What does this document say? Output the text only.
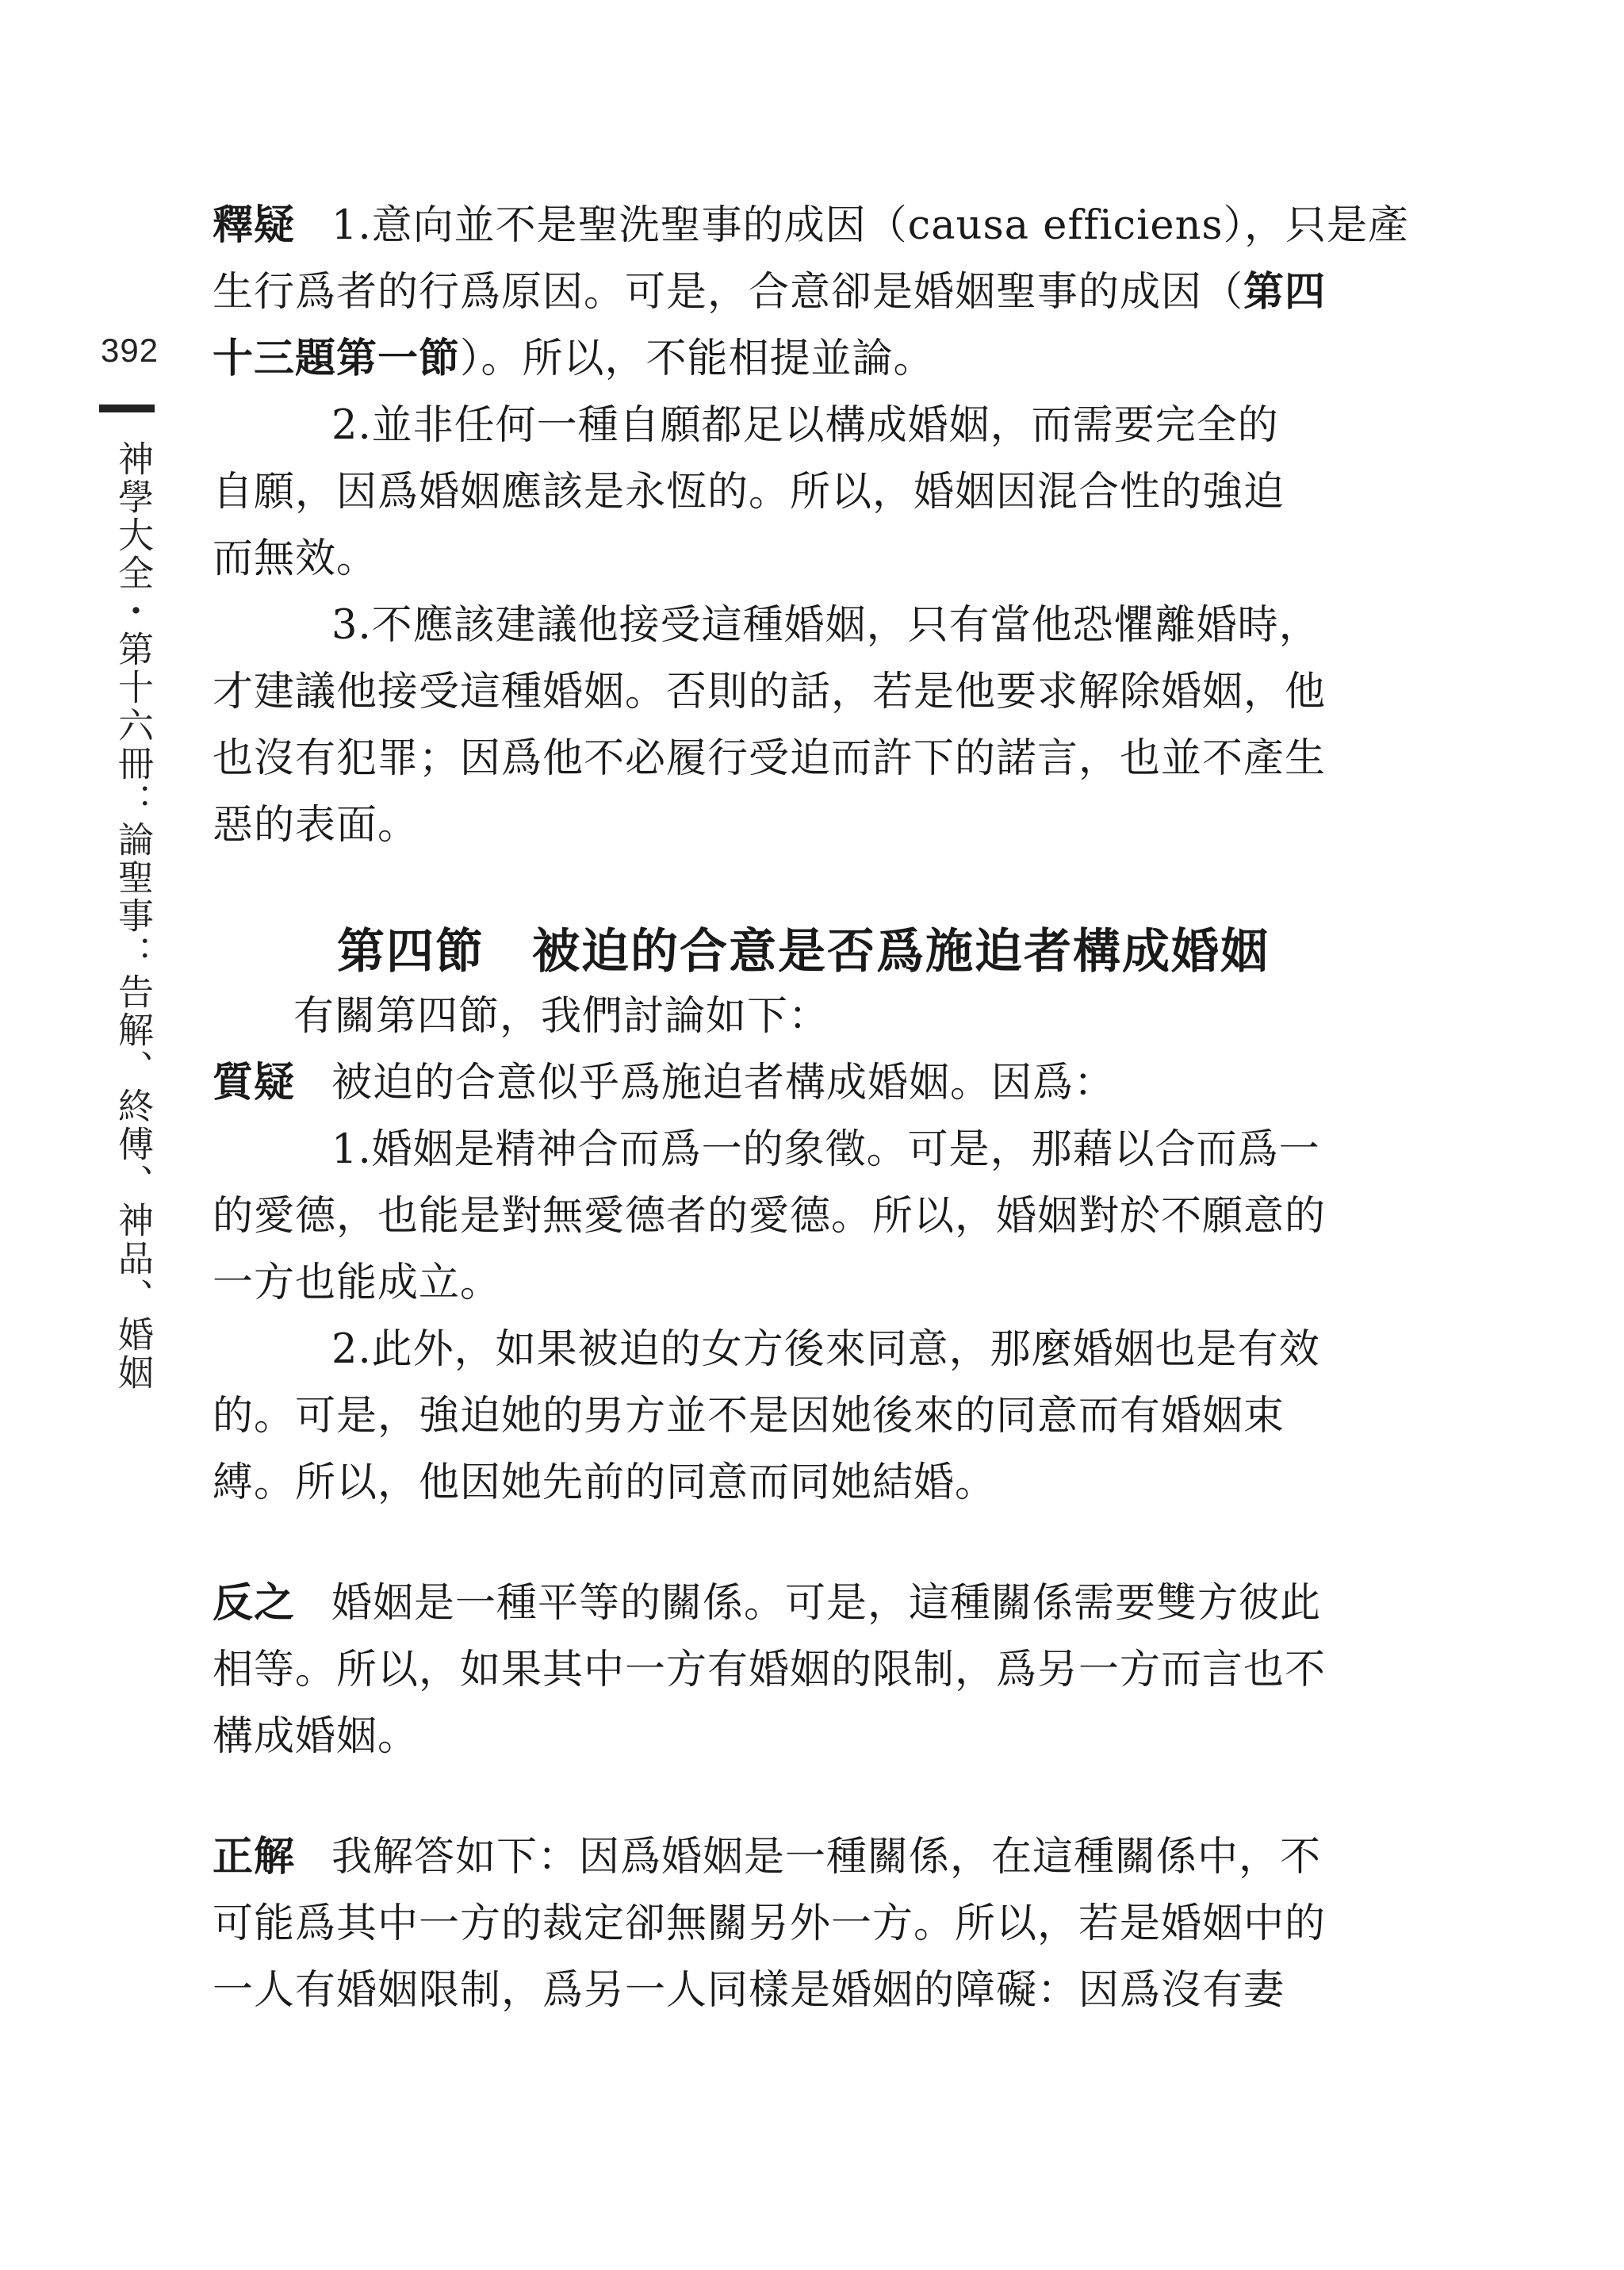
392
神學大全・第十六冊：論聖事：告解、終傅、神品、婚姻
釋疑 1.意向並不是聖洗聖事的成因（causa efficiens），只是產
生行爲者的行爲原因。可是，合意卻是婚姻聖事的成因（第四
十三題第一節）。所以，不能相提並論。
2.並非任何一種自願都足以構成婚姻，而需要完全的
自願，因爲婚姻應該是永恆的。所以，婚姻因混合性的強迫
而無效。
3.不應該建議他接受這種婚姻，只有當他恐懼離婚時，
才建議他接受這種婚姻。否則的話，若是他要求解除婚姻，他
也沒有犯罪；因爲他不必履行受迫而許下的諾言，也並不產生
惡的表面。
第四節 被迫的合意是否爲施迫者構成婚姻
有關第四節，我們討論如下：
質疑 被迫的合意似乎爲施迫者構成婚姻。因爲：
1.婚姻是精神合而爲一的象徵。可是，那藉以合而爲一
的愛德，也能是對無愛德者的愛德。所以，婚姻對於不願意的
一方也能成立。
2.此外，如果被迫的女方後來同意，那麼婚姻也是有效
的。可是，強迫她的男方並不是因她後來的同意而有婚姻束
縛。所以，他因她先前的同意而同她結婚。
反之 婚姻是一種平等的關係。可是，這種關係需要雙方彼此
相等。所以，如果其中一方有婚姻的限制，爲另一方而言也不
構成婚姻。
正解 我解答如下：因爲婚姻是一種關係，在這種關係中，不
可能爲其中一方的裁定卻無關另外一方。所以，若是婚姻中的
一人有婚姻限制，爲另一人同樣是婚姻的障礙：因爲沒有妻
